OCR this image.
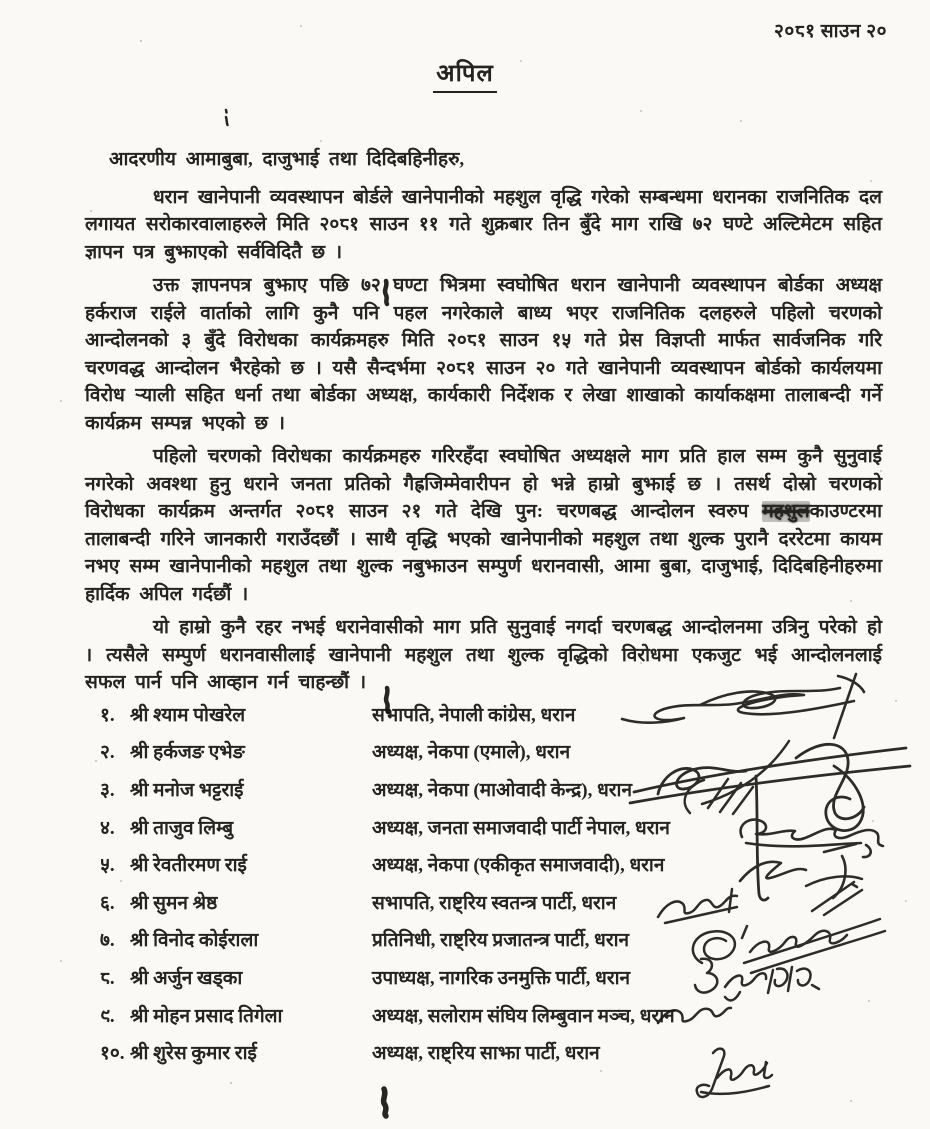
२०८१ साउन २०
अपिल
आदरणीय आमाबुबा, दाजुभाई तथा दिदिबहिनीहरु,

धरान खानेपानी व्यवस्थापन बोर्डले खानेपानीको महशुल वृद्धि गरेको सम्बन्धमा धरानका राजनितिक दल लगायत सरोकारवालाहरुले मिति २०८१ साउन ११ गते शुक्रबार तिन बुँदे माग राखि ७२ घण्टे अल्टिमेटम सहित ज्ञापन पत्र बुझाएको सर्वविदितै छ ।

उक्त ज्ञापनपत्र बुझाए पछि ७२ घण्टा भित्रमा स्वघोषित धरान खानेपानी व्यवस्थापन बोर्डका अध्यक्ष हर्कराज राईले वार्ताको लागि कुनै पनि पहल नगरेकाले बाध्य भएर राजनितिक दलहरुले पहिलो चरणको आन्दोलनको ३ बुँदे विरोधका कार्यक्रमहरु मिति २०८१ साउन १५ गते प्रेस विज्ञप्ती मार्फत सार्वजनिक गरि चरणवद्ध आन्दोलन भैरहेको छ । यसै सैन्दर्भमा २०८१ साउन २० गते खानेपानी व्यवस्थापन बोर्डको कार्यलयमा विरोध ऱ्याली सहित धर्ना तथा बोर्डका अध्यक्ष, कार्यकारी निर्देशक र लेखा शाखाको कार्याकक्षमा तालाबन्दी गर्ने कार्यक्रम सम्पन्न भएको छ ।

पहिलो चरणको विरोधका कार्यक्रमहरु गरिरहँदा स्वघोषित अध्यक्षले माग प्रति हाल सम्म कुनै सुनुवाई नगरेको अवश्था हुनु धराने जनता प्रतिको गैह्रजिम्मेवारीपन हो भन्ने हाम्रो बुझाई छ । तसर्थ दोस्रो चरणको विरोधका कार्यक्रम अन्तर्गत २०८१ साउन २१ गते देखि पुन: चरणबद्ध आन्दोलन स्वरुप महशुलकाउण्टरमा तालाबन्दी गरिने जानकारी गराउँदछौं । साथै वृद्धि भएको खानेपानीको महशुल तथा शुल्क पुरानै दररेटमा कायम नभए सम्म खानेपानीको महशुल तथा शुल्क नबुझाउन सम्पुर्ण धरानवासी, आमा बुबा, दाजुभाई, दिदिबहिनीहरुमा हार्दिक अपिल गर्दछौं ।

यो हाम्रो कुनै रहर नभई धरानेवासीको माग प्रति सुनुवाई नगर्दा चरणबद्ध आन्दोलनमा उत्रिनु परेको हो । त्यसैले सम्पुर्ण धरानवासीलाई खानेपानी महशुल तथा शुल्क वृद्धिको विरोधमा एकजुट भई आन्दोलनलाई सफल पार्न पनि आव्हान गर्न चाहन्छौं ।

१. श्री श्याम पोखरेल	सभापति, नेपाली कांग्रेस, धरान
२. श्री हर्कजङ एभेङ	अध्यक्ष, नेकपा (एमाले), धरान
३. श्री मनोज भट्टराई	अध्यक्ष, नेकपा (माओवादी केन्द्र), धरान
४. श्री ताजुव लिम्बु	अध्यक्ष, जनता समाजवादी पार्टी नेपाल, धरान
५. श्री रेवतीरमण राई	अध्यक्ष, नेकपा (एकीकृत समाजवादी), धरान
६. श्री सुमन श्रेष्ठ	सभापति, राष्ट्रिय स्वतन्त्र पार्टी, धरान
७. श्री विनोद कोईराला	प्रतिनिधी, राष्ट्रिय प्रजातन्त्र पार्टी, धरान
८. श्री अर्जुन खड्का	उपाध्यक्ष, नागरिक उनमुक्ति पार्टी, धरान
९. श्री मोहन प्रसाद तिगेला	अध्यक्ष, सलोराम संघिय लिम्बुवान मञ्च, धरान
१०. श्री शुरेस कुमार राई	अध्यक्ष, राष्ट्रिय साझा पार्टी, धरान
